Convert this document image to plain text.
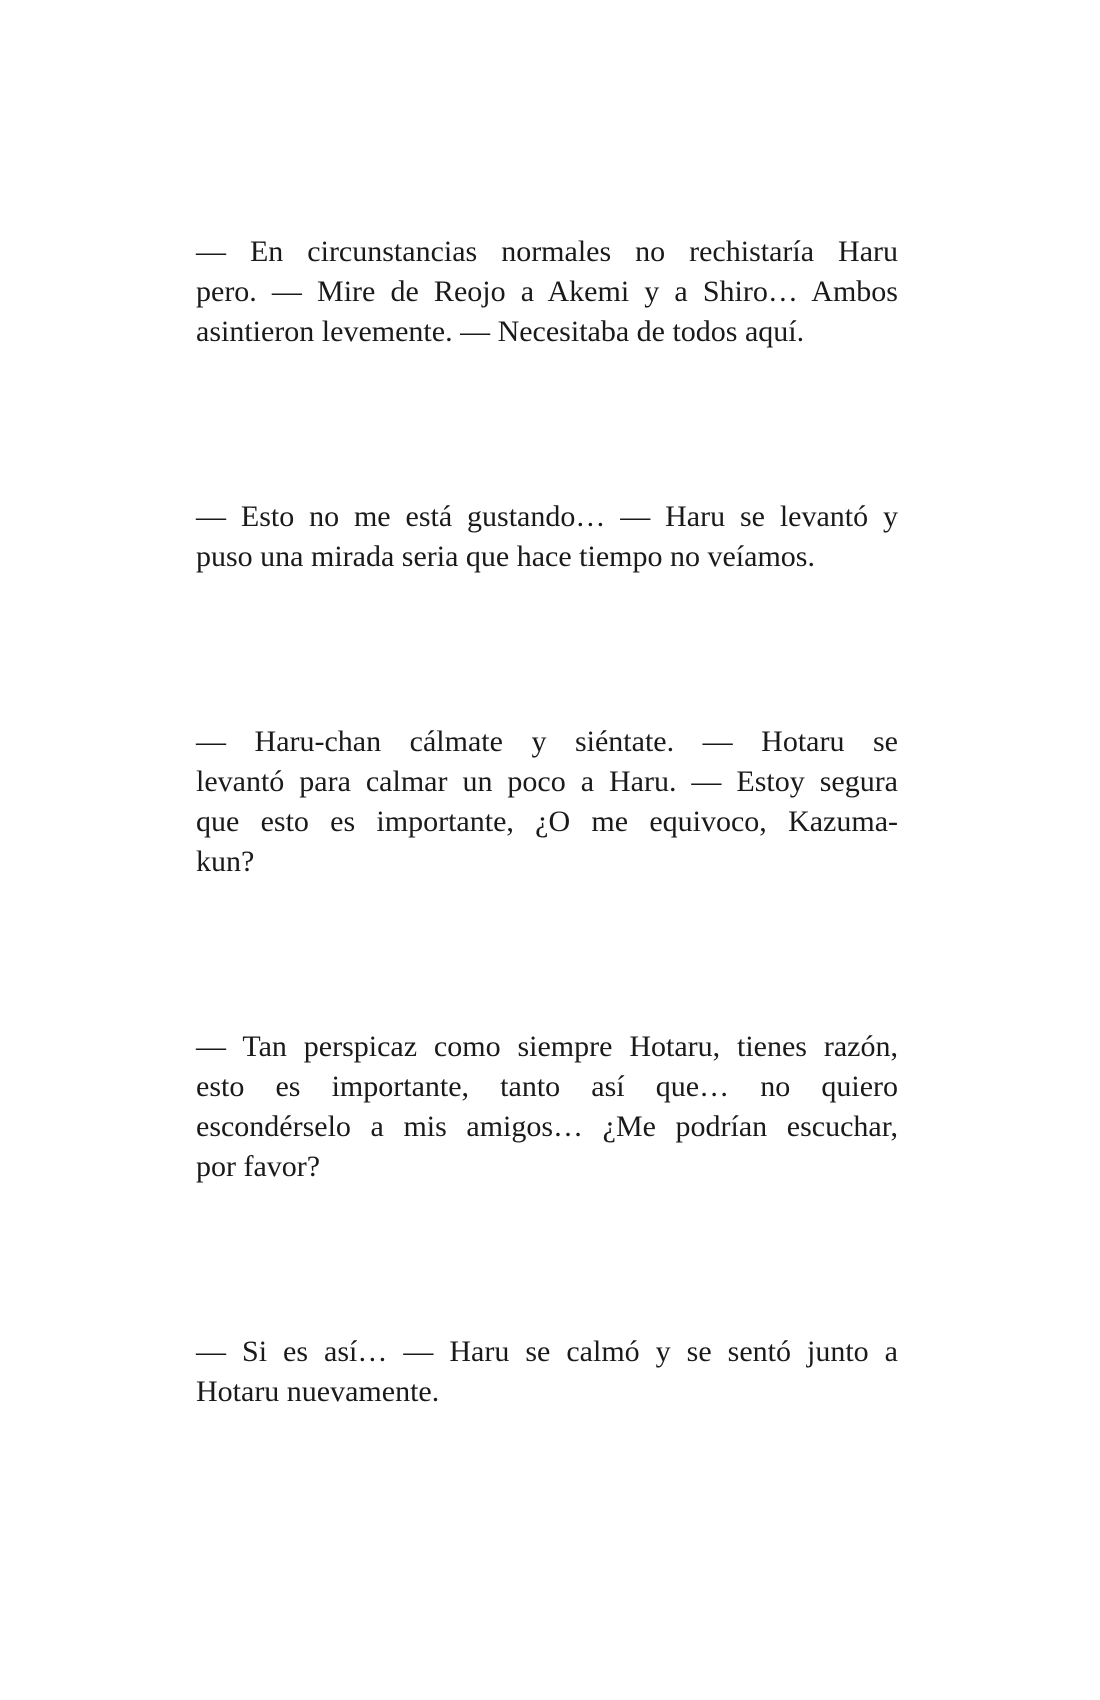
— En circunstancias normales no rechistaría Haru
pero. — Mire de Reojo a Akemi y a Shiro… Ambos
asintieron levemente. — Necesitaba de todos aquí.

— Esto no me está gustando… — Haru se levantó y
puso una mirada seria que hace tiempo no veíamos.

— Haru-chan cálmate y siéntate. — Hotaru se
levantó para calmar un poco a Haru. — Estoy segura
que esto es importante, ¿O me equivoco, Kazuma-
kun?

— Tan perspicaz como siempre Hotaru, tienes razón,
esto es importante, tanto así que… no quiero
escondérselo a mis amigos… ¿Me podrían escuchar,
por favor?

— Si es así… — Haru se calmó y se sentó junto a
Hotaru nuevamente.
